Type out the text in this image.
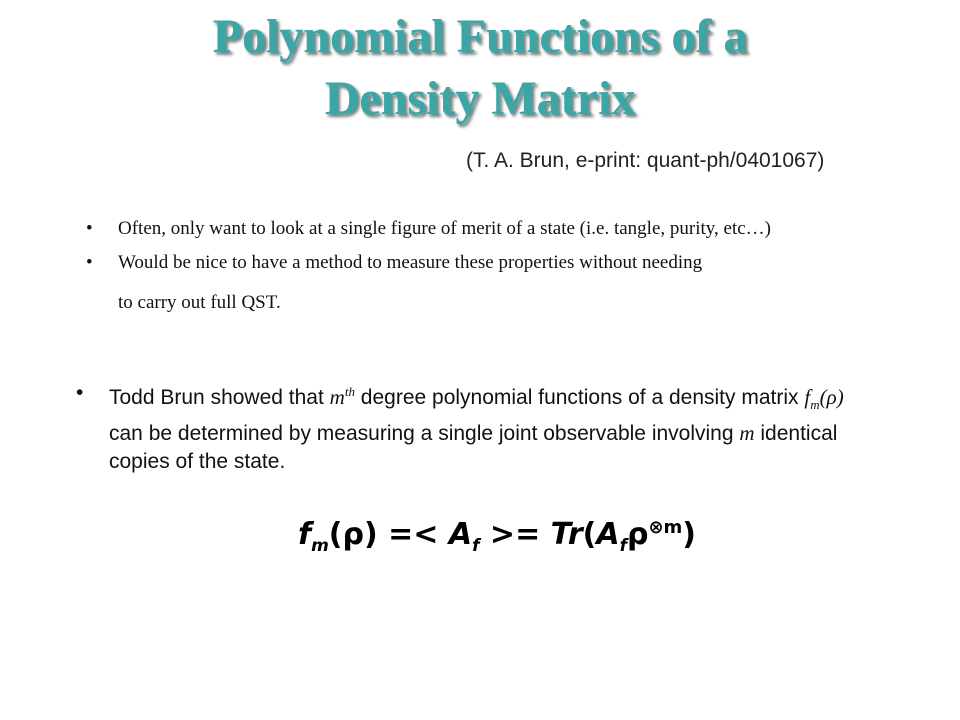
Polynomial Functions of a
Density Matrix
(T. A. Brun, e-print: quant-ph/0401067)
• Often, only want to look at a single figure of merit of a state (i.e. tangle, purity, etc…)
• Would be nice to have a method to measure these properties without needing
to carry out full QST.
• Todd Brun showed that $m^{th}$ degree polynomial functions of a density matrix $f_m(\rho)$ can be determined by measuring a single joint observable involving m identical copies of the state.
$f_m(\rho) =< A_f >= Tr(A_f\rho^{\otimes m})$
